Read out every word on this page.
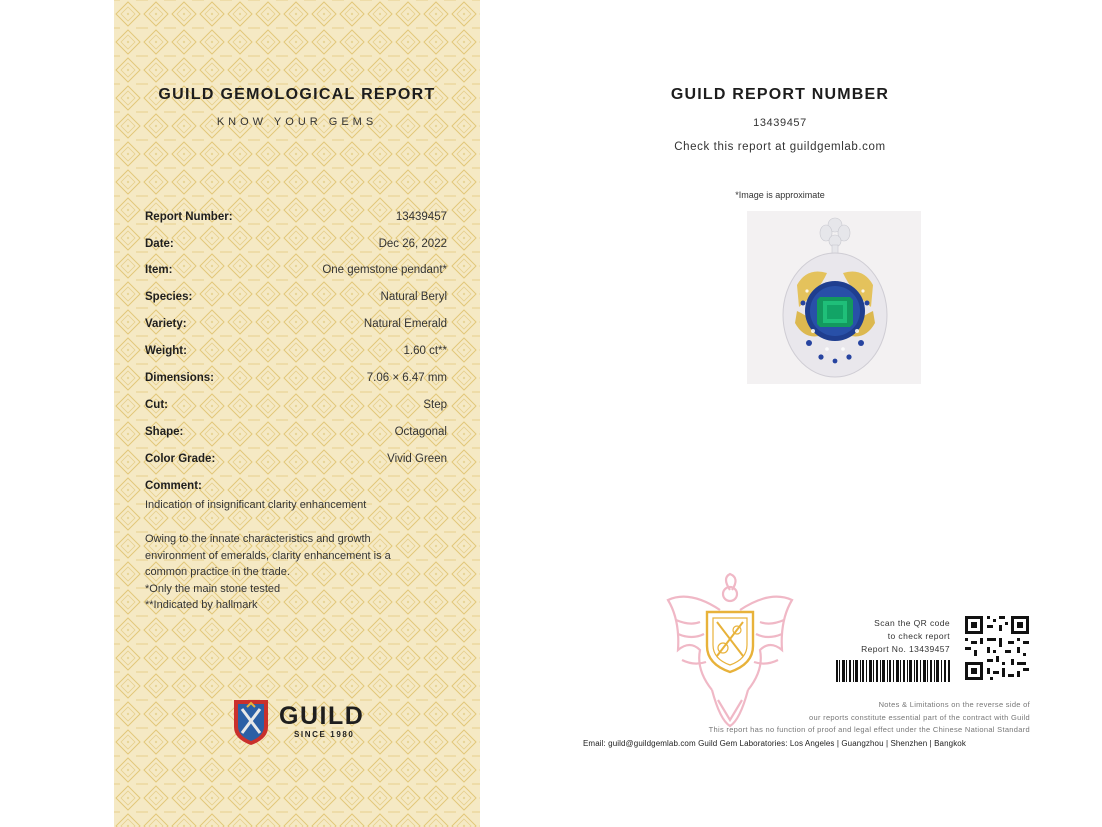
GUILD GEMOLOGICAL REPORT
KNOW YOUR GEMS
Report Number:	13439457
Date:	Dec 26, 2022
Item:	One gemstone pendant*
Species:	Natural Beryl
Variety:	Natural Emerald
Weight:	1.60 ct**
Dimensions:	7.06 × 6.47 mm
Cut:	Step
Shape:	Octagonal
Color Grade:	Vivid Green
Comment:
Indication of insignificant clarity enhancement
Owing to the innate characteristics and growth
environment of emeralds, clarity enhancement is a
common practice in the trade.
*Only the main stone tested
**Indicated by hallmark
GUILD
SINCE 1980
GUILD REPORT NUMBER
13439457
Check this report at guildgemlab.com
*Image is approximate
Scan the QR code
to check report
Report No. 13439457
Notes & Limitations on the reverse side of
our reports constitute essential part of the contract with Guild
This report has no function of proof and legal effect under the Chinese National Standard
Email: guild@guildgemlab.com Guild Gem Laboratories: Los Angeles | Guangzhou | Shenzhen | Bangkok
